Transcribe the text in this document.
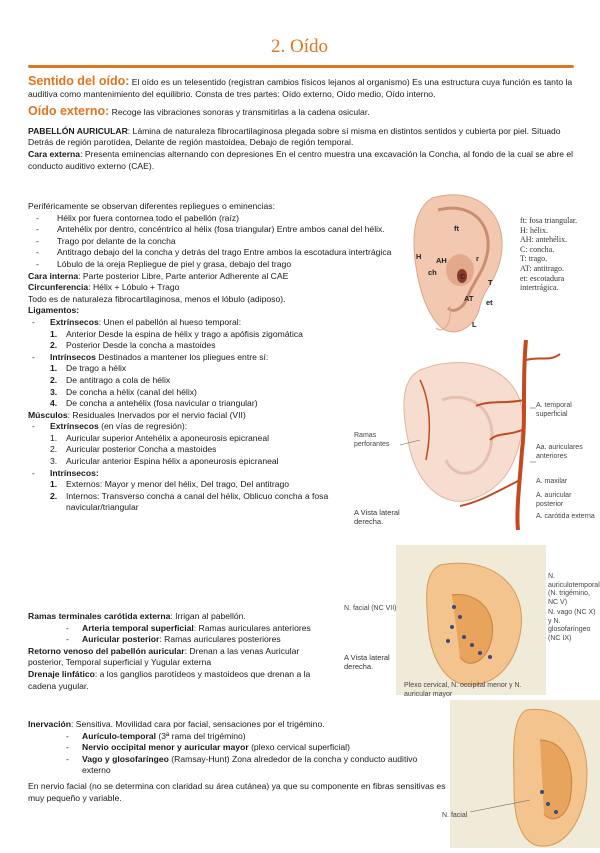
2. Oído
Sentido del oído: El oído es un telesentido (registran cambios físicos lejanos al organismo) Es una estructura cuya función es tanto la auditiva como mantenimiento del equilibrio. Consta de tres partes: Oído externo, Oído medio, Oído interno.
Oído externo: Recoge las vibraciones sonoras y transmitirlas a la cadena osicular.
PABELLÓN AURICULAR: Lámina de naturaleza fibrocartilaginosa plegada sobre sí misma en distintos sentidos y cubierta por piel. Situado Detrás de región parotídea, Delante de región mastoidea, Debajo de región temporal.
Cara externa: Presenta eminencias alternando con depresiones En el centro muestra una excavación la Concha, al fondo de la cual se abre el conducto auditivo externo (CAE).
Periféricamente se observan diferentes repliegues o eminencias:
- Hélix por fuera contornea todo el pabellón (raíz)
- Antehélix por dentro, concéntrico al hélix (fosa triangular) Entre ambos canal del hélix.
- Trago por delante de la concha
- Antitrago debajo del la concha y detrás del trago Entre ambos la escotadura intertrágica
- Lóbulo de la oreja Repliegue de piel y grasa, debajo del trago
Cara interna: Parte posterior Libre, Parte anterior Adherente al CAE
Circunferencia: Hélix + Lóbulo + Trago
Todo es de naturaleza fibrocartilaginosa, menos el lóbulo (adiposo).
Ligamentos:
- Extrínsecos: Unen el pabellón al hueso temporal:
1. Anterior Desde la espina de hélix y trago a apófisis zigomática
2. Posterior Desde la concha a mastoides
- Intrínsecos Destinados a mantener los pliegues entre sí:
1. De trago a hélix
2. De antitrago a cola de hélix
3. De concha a hélix (canal del hélix)
4. De concha a antehélix (fosa navicular o triangular)
Músculos: Residuales Inervados por el nervio facial (VII)
- Extrínsecos (en vías de regresión):
1. Auricular superior Antehélix a aponeurosis epicraneal
2. Auricular posterior Concha a mastoides
3. Auricular anterior Espina hélix a aponeurosis epicraneal
- Intrínsecos:
1. Externos: Mayor y menor del hélix, Del trago, Del antitrago
2. Internos: Transverso concha a canal del hélix, Oblicuo concha a fosa navicular/triangular
Ramas terminales carótida externa: Irrigan al pabellón.
- Arteria temporal superficial: Ramas auriculares anteriores
- Auricular posterior: Ramas auriculares posteriores
Retorno venoso del pabellón auricular: Drenan a las venas Auricular posterior, Temporal superficial y Yugular externa
Drenaje linfático: a los ganglios parotídeos y mastoideos que drenan a la cadena yugular.
Inervación: Sensitiva. Movilidad cara por facial, sensaciones por el trigémino.
- Aurículo-temporal (3ª rama del trigémino)
- Nervio occipital menor y auricular mayor (plexo cervical superficial)
- Vago y glosofaríngeo (Ramsay-Hunt) Zona alrededor de la concha y conducto auditivo externo
En nervio facial (no se determina con claridad su área cutánea) ya que su componente en fibras sensitivas es muy pequeño y variable.
ft
H AH
ch
r
C
T
AT et
L
ft: fosa triangular.
H: hélix.
AH: antehélix.
C: concha.
T: trago.
AT: antitrago.
et: escotadura intertrágica.
Ramas perforantes
A. temporal superficial
Aa. auriculares anteriores
A. maxilar
A. auricular posterior
A. carótida externa
A Vista lateral derecha.
N. facial (NC VII)
N. auriculotemporal (N. trigémino, NC V)
N. vago (NC X) y N. glosofaríngeo (NC IX)
A Vista lateral derecha.
Plexo cervical, N. occipital menor y N. auricular mayor
N. facial
